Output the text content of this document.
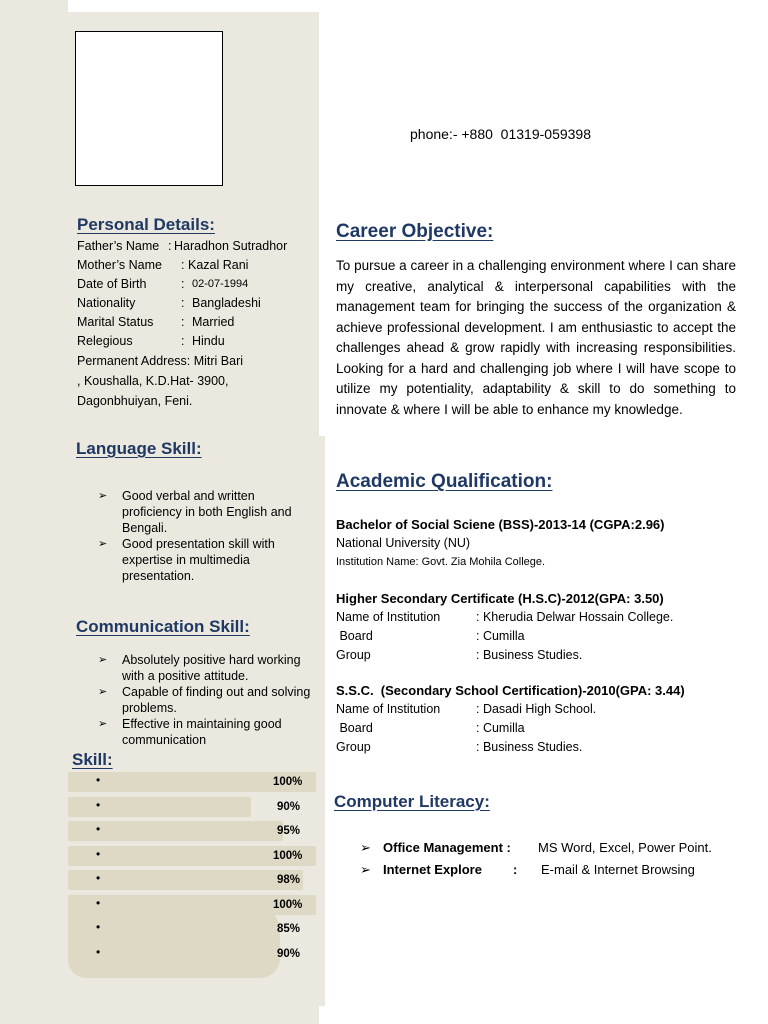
phone:- +880  01319-059398
Personal Details:
Father’s Name : Haradhon Sutradhor
Mother’s Name : Kazal Rani
Date of Birth	: 02-07-1994
Nationality	: Bangladeshi
Marital Status : Married
Relegious	: Hindu
Permanent Address: Mitri Bari
, Koushalla, K.D.Hat- 3900,
Dagonbhuiyan, Feni.
Language Skill:
➢ Good verbal and written proficiency in both English and Bengali.
➢ Good presentation skill with expertise in multimedia presentation.
Communication Skill:
➢ Absolutely positive hard working with a positive attitude.
➢ Capable of finding out and solving problems.
➢ Effective in maintaining good communication
Skill:
•	100%
•	90%
•	95%
•	100%
•	98%
•	100%
•	85%
•	90%
Career Objective:

To pursue a career in a challenging environment where I can share my creative, analytical & interpersonal capabilities with the management team for bringing the success of the organization & achieve professional development. I am enthusiastic to accept the challenges ahead & grow rapidly with increasing responsibilities. Looking for a hard and challenging job where I will have scope to utilize my potentiality, adaptability & skill to do something to innovate & where I will be able to enhance my knowledge.

Academic Qualification:
Bachelor of Social Sciene (BSS)-2013-14 (CGPA:2.96)
National University (NU)
Institution Name: Govt. Zia Mohila College.
Higher Secondary Certificate (H.S.C)-2012(GPA: 3.50)
Name of Institution	: Kherudia Delwar Hossain College.
Board	: Cumilla
Group	: Business Studies.
S.S.C.  (Secondary School Certification)-2010(GPA: 3.44)
Name of Institution	: Dasadi High School.
Board	: Cumilla
Group	: Business Studies.
Computer Literacy:
➢ Office Management : MS Word, Excel, Power Point.
➢ Internet Explore : E-mail & Internet Browsing
